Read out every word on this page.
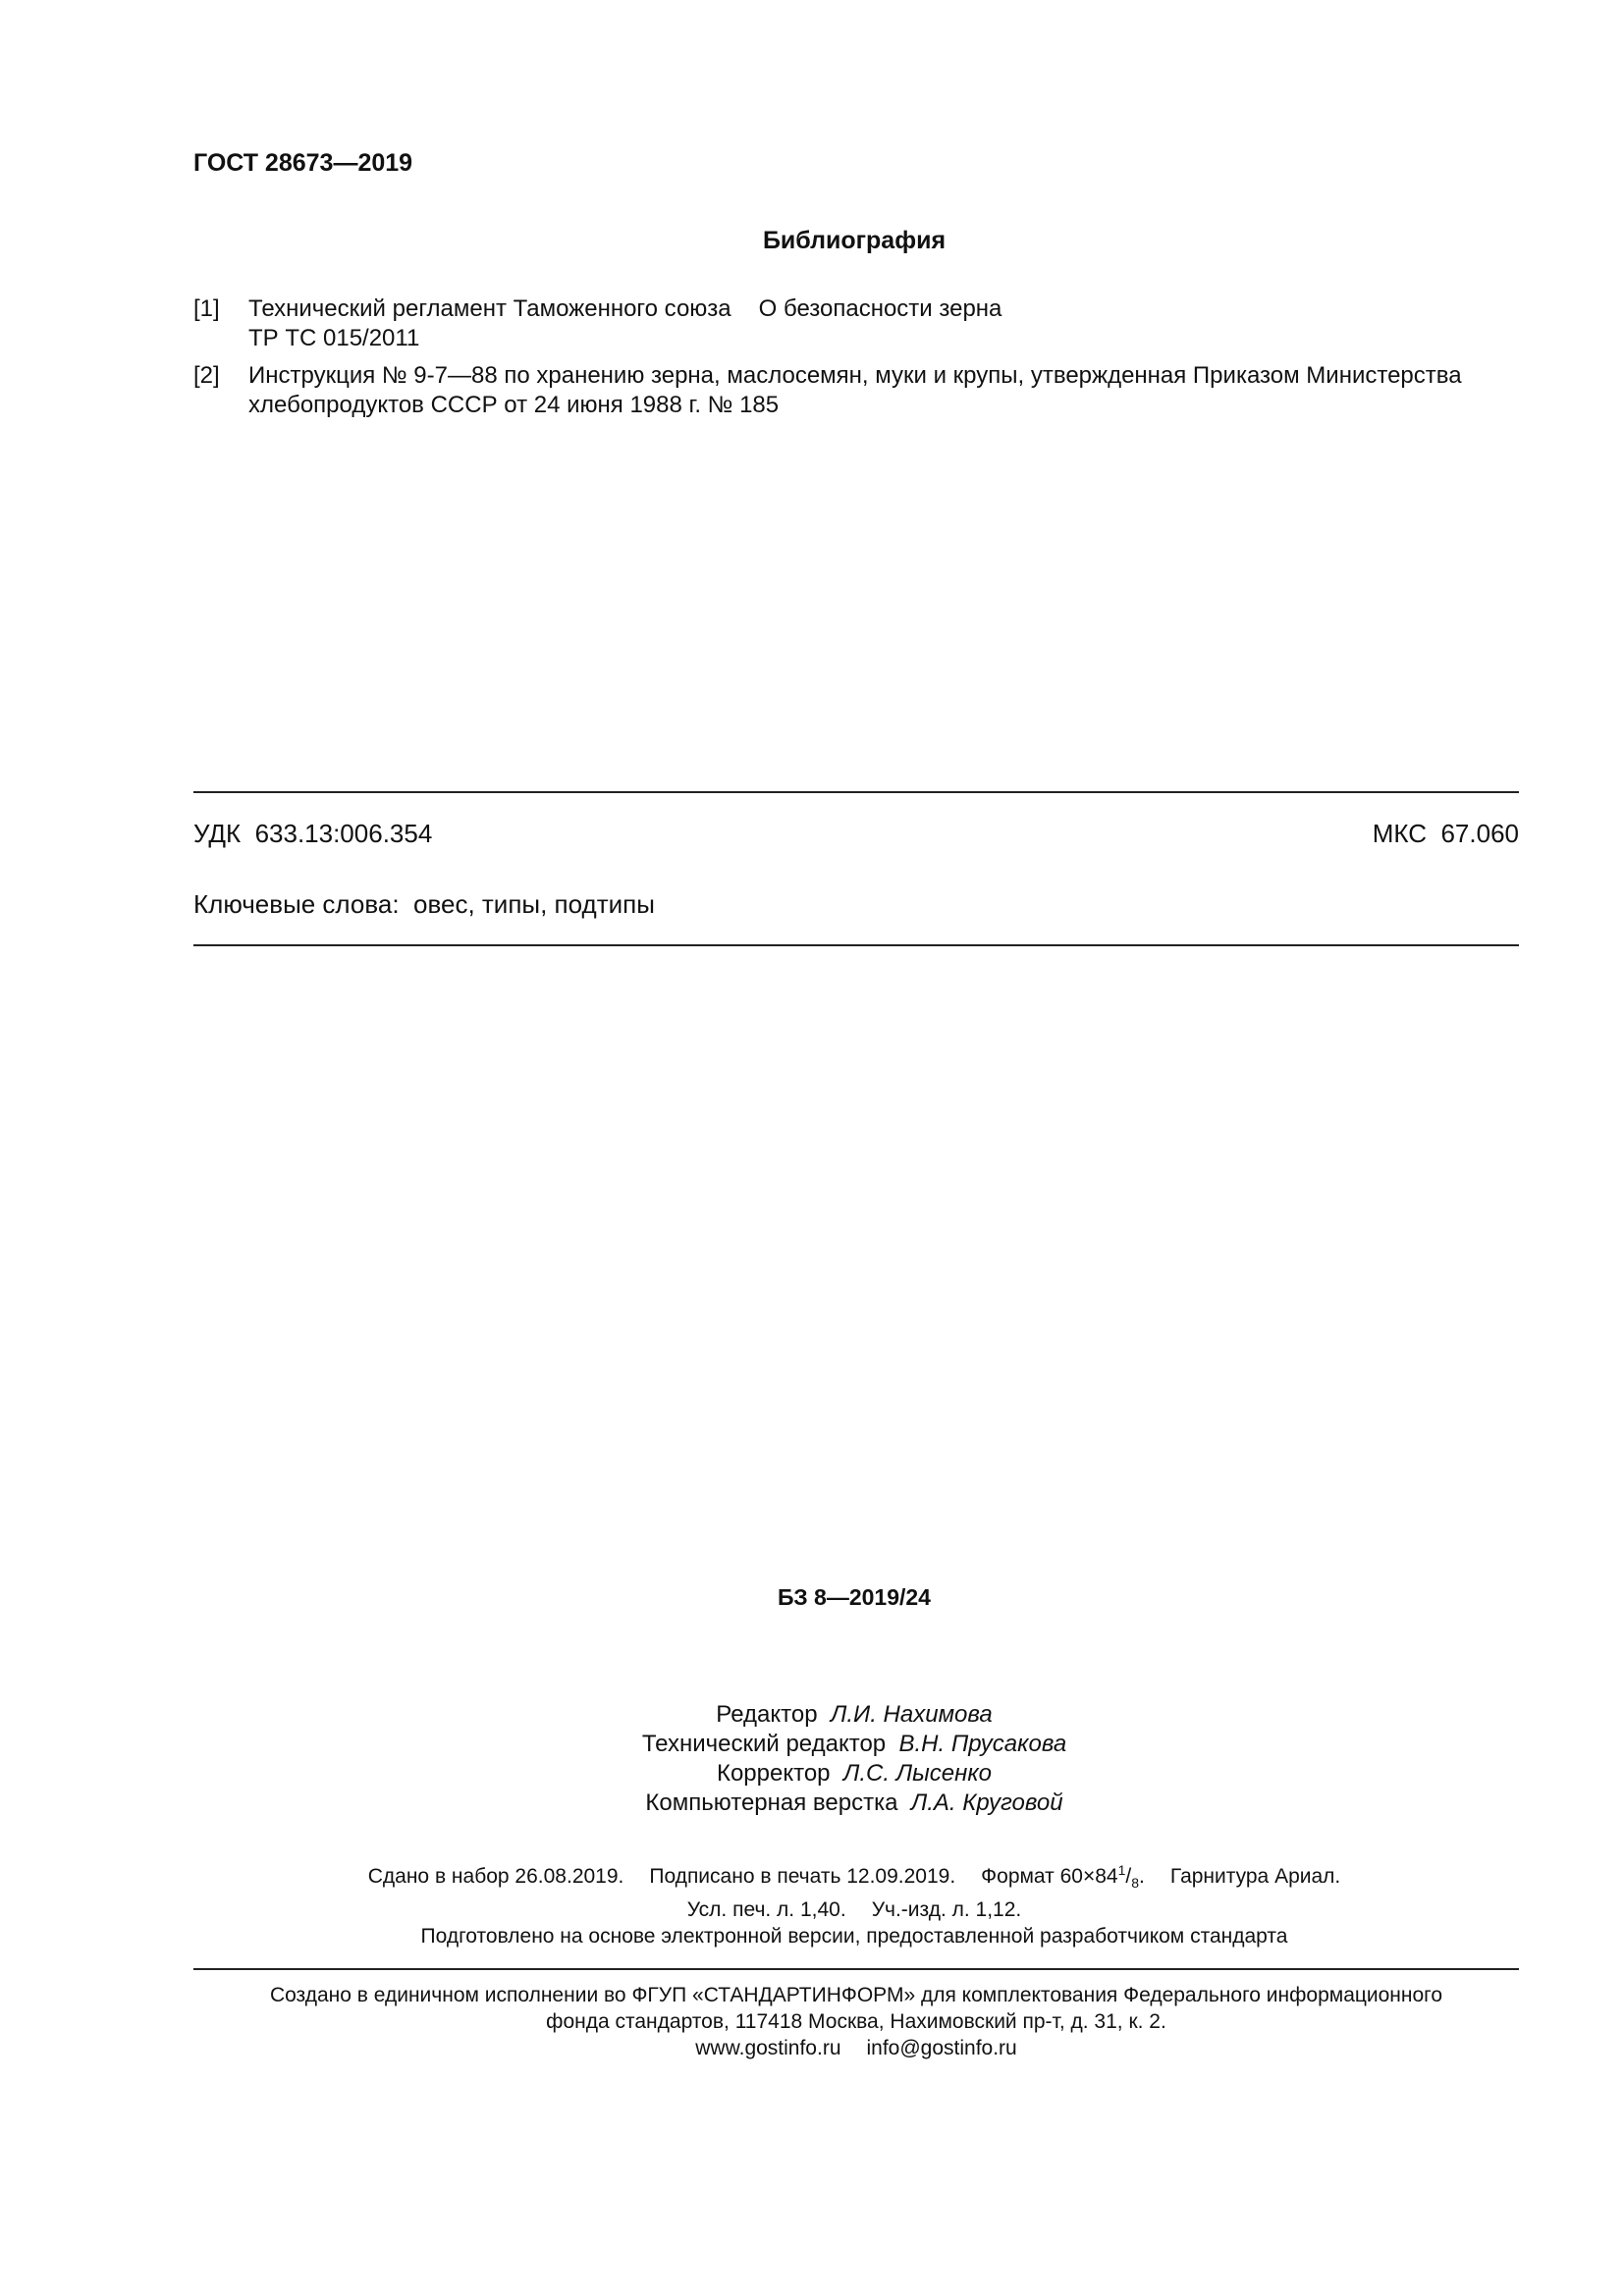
ГОСТ 28673—2019
Библиография
[1]	Технический регламент Таможенного союза О безопасности зерна
ТР ТС 015/2011
[2]	Инструкция № 9-7—88 по хранению зерна, маслосемян, муки и крупы, утвержденная Приказом Министерства
хлебопродуктов СССР от 24 июня 1988 г. № 185
УДК 633.13:006.354	МКС 67.060
Ключевые слова: овес, типы, подтипы
БЗ 8—2019/24
Редактор Л.И. Нахимова
Технический редактор В.Н. Прусакова
Корректор Л.С. Лысенко
Компьютерная верстка Л.А. Круговой
Сдано в набор 26.08.2019. Подписано в печать 12.09.2019. Формат $60\times 84^1/_8$. Гарнитура Ариал.
Усл. печ. л. 1,40. Уч.-изд. л. 1,12.
Подготовлено на основе электронной версии, предоставленной разработчиком стандарта
Создано в единичном исполнении во ФГУП «СТАНДАРТИНФОРМ» для комплектования Федерального информационного
фонда стандартов, 117418 Москва, Нахимовский пр-т, д. 31, к. 2.
www.gostinfo.ru info@gostinfo.ru
